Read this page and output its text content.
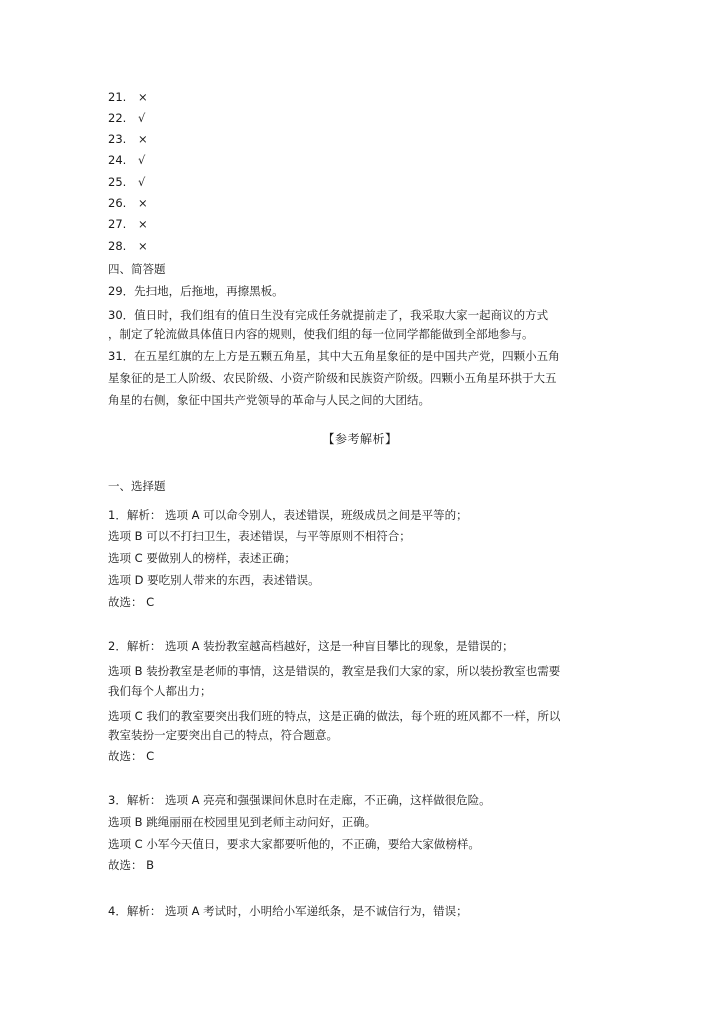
21. ×
22. √
23. ×
24. √
25. √
26. ×
27. ×
28. ×
四、简答题
29．先扫地，后拖地，再擦黑板。
30．值日时，我们组有的值日生没有完成任务就提前走了，我采取大家一起商议的方式
，制定了轮流做具体值日内容的规则，使我们组的每一位同学都能做到全部地参与。
31．在五星红旗的左上方是五颗五角星，其中大五角星象征的是中国共产党，四颗小五角
星象征的是工人阶级、农民阶级、小资产阶级和民族资产阶级。四颗小五角星环拱于大五
角星的右侧，象征中国共产党领导的革命与人民之间的大团结。
【参考解析】
一、选择题
1．解析： 选项 A 可以命令别人，表述错误，班级成员之间是平等的；
选项 B 可以不打扫卫生，表述错误，与平等原则不相符合；
选项 C 要做别人的榜样，表述正确；
选项 D 要吃别人带来的东西，表述错误。
故选： C
2．解析： 选项 A 装扮教室越高档越好，这是一种盲目攀比的现象，是错误的；
选项 B 装扮教室是老师的事情，这是错误的，教室是我们大家的家，所以装扮教室也需要
我们每个人都出力；
选项 C 我们的教室要突出我们班的特点，这是正确的做法，每个班的班风都不一样，所以
教室装扮一定要突出自己的特点，符合题意。
故选： C
3．解析： 选项 A 亮亮和强强课间休息时在走廊，不正确，这样做很危险。
选项 B 跳绳丽丽在校园里见到老师主动问好，正确。
选项 C 小军今天值日，要求大家都要听他的，不正确，要给大家做榜样。
故选： B
4．解析： 选项 A 考试时，小明给小军递纸条，是不诚信行为，错误；
